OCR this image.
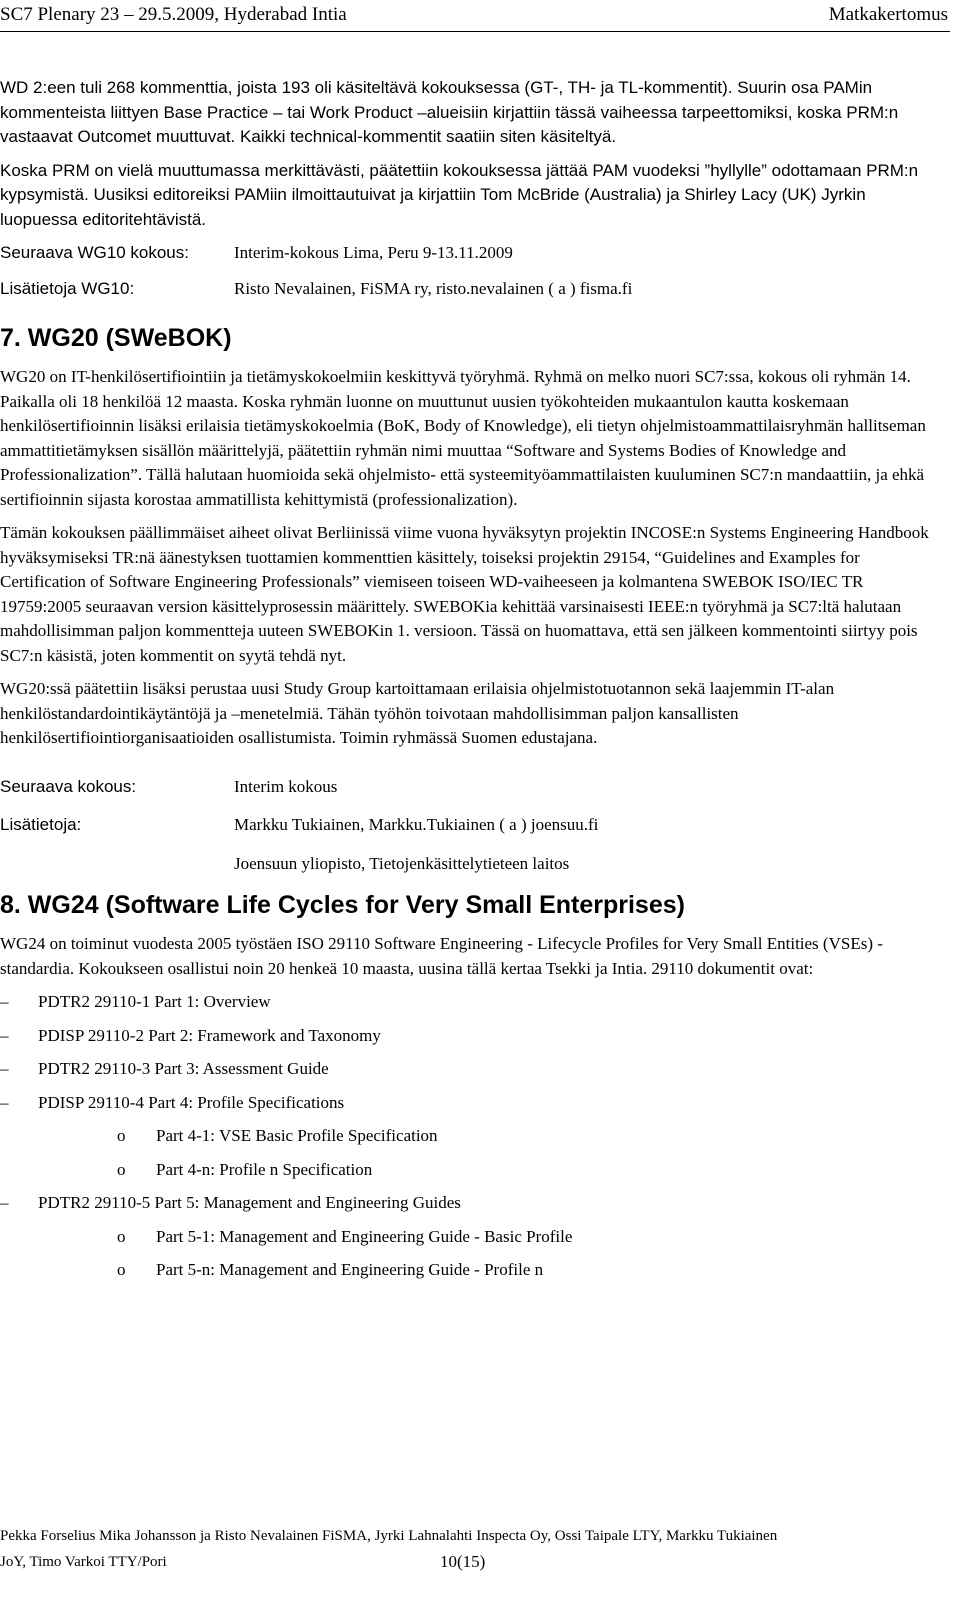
SC7 Plenary 23 – 29.5.2009, Hyderabad Intia	Matkakertomus

WD 2:een tuli 268 kommenttia, joista 193 oli käsiteltävä kokouksessa (GT-, TH- ja TL-kommentit). Suurin osa PAMin kommenteista liittyen Base Practice – tai Work Product –alueisiin kirjattiin tässä vaiheessa tarpeettomiksi, koska PRM:n vastaavat Outcomet muuttuvat. Kaikki technical-kommentit saatiin siten käsiteltyä.

Koska PRM on vielä muuttumassa merkittävästi, päätettiin kokouksessa jättää PAM vuodeksi ”hyllylle” odottamaan PRM:n kypsymistä. Uusiksi editoreiksi PAMiin ilmoittautuivat ja kirjattiin Tom McBride (Australia) ja Shirley Lacy (UK) Jyrkin luopuessa editoritehtävistä.

Seuraava WG10 kokous:	Interim-kokous Lima, Peru 9-13.11.2009
Lisätietoja WG10:	Risto Nevalainen, FiSMA ry, risto.nevalainen ( a ) fisma.fi
7. WG20 (SWeBOK)

WG20 on IT-henkilösertifiointiin ja tietämyskokoelmiin keskittyvä työryhmä. Ryhmä on melko nuori SC7:ssa, kokous oli ryhmän 14. Paikalla oli 18 henkilöä 12 maasta. Koska ryhmän luonne on muuttunut uusien työkohteiden mukaantulon kautta koskemaan henkilösertifioinnin lisäksi erilaisia tietämyskokoelmia (BoK, Body of Knowledge), eli tietyn ohjelmistoammattilaisryhmän hallitseman ammattitietämyksen sisällön määrittelyjä, päätettiin ryhmän nimi muuttaa “Software and Systems Bodies of Knowledge and Professionalization”. Tällä halutaan huomioida sekä ohjelmisto- että systeemityöammattilaisten kuuluminen SC7:n mandaattiin, ja ehkä sertifioinnin sijasta korostaa ammatillista kehittymistä (professionalization).

Tämän kokouksen päällimmäiset aiheet olivat Berliinissä viime vuona hyväksytyn projektin INCOSE:n Systems Engineering Handbook hyväksymiseksi TR:nä äänestyksen tuottamien kommenttien käsittely, toiseksi projektin 29154, “Guidelines and Examples for Certification of Software Engineering Professionals” viemiseen toiseen WD-vaiheeseen ja kolmantena SWEBOK ISO/IEC TR 19759:2005 seuraavan version käsittelyprosessin määrittely. SWEBOKia kehittää varsinaisesti IEEE:n työryhmä ja SC7:ltä halutaan mahdollisimman paljon kommentteja uuteen SWEBOKin 1. versioon. Tässä on huomattava, että sen jälkeen kommentointi siirtyy pois SC7:n käsistä, joten kommentit on syytä tehdä nyt.

WG20:ssä päätettiin lisäksi perustaa uusi Study Group kartoittamaan erilaisia ohjelmistotuotannon sekä laajemmin IT-alan henkilöstandardointikäytäntöjä ja –menetelmiä. Tähän työhön toivotaan mahdollisimman paljon kansallisten henkilösertifiointiorganisaatioiden osallistumista. Toimin ryhmässä Suomen edustajana.

Seuraava kokous:	Interim kokous
Lisätietoja:	Markku Tukiainen, Markku.Tukiainen ( a ) joensuu.fi
Joensuun yliopisto, Tietojenkäsittelytieteen laitos
8. WG24 (Software Life Cycles for Very Small Enterprises)

WG24 on toiminut vuodesta 2005 työstäen ISO 29110 Software Engineering - Lifecycle Profiles for Very Small Entities (VSEs) -standardia. Kokoukseen osallistui noin 20 henkeä 10 maasta, uusina tällä kertaa Tsekki ja Intia. 29110 dokumentit ovat:

– PDTR2 29110-1 Part 1: Overview
– PDISP 29110-2 Part 2: Framework and Taxonomy
– PDTR2 29110-3 Part 3: Assessment Guide
– PDISP 29110-4 Part 4: Profile Specifications
o Part 4-1: VSE Basic Profile Specification
o Part 4-n: Profile n Specification
– PDTR2 29110-5 Part 5: Management and Engineering Guides
o Part 5-1: Management and Engineering Guide - Basic Profile
o Part 5-n: Management and Engineering Guide - Profile n
Pekka Forselius Mika Johansson ja Risto Nevalainen FiSMA, Jyrki Lahnalahti Inspecta Oy, Ossi Taipale LTY, Markku Tukiainen
JoY, Timo Varkoi TTY/Pori	10(15)
